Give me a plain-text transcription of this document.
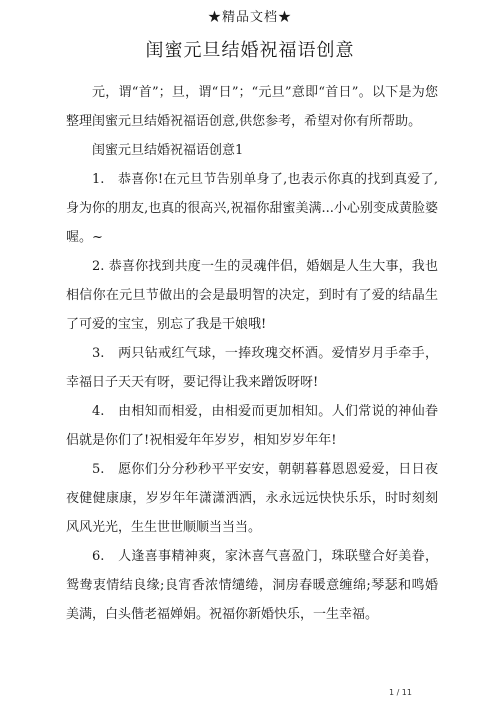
★精品文档★
闺蜜元旦结婚祝福语创意

元，谓“首”；旦，谓“日”；“元旦”意即“首日”。以下是为您整理闺蜜元旦结婚祝福语创意,供您参考，希望对你有所帮助。

闺蜜元旦结婚祝福语创意1

1.　恭喜你!在元旦节告别单身了,也表示你真的找到真爱了,身为你的朋友,也真的很高兴,祝福你甜蜜美满...小心别变成黄脸婆喔。~

2. 恭喜你找到共度一生的灵魂伴侣，婚姻是人生大事，我也相信你在元旦节做出的会是最明智的决定，到时有了爱的结晶生了可爱的宝宝，别忘了我是干娘哦!

3.　两只钻戒红气球，一捧玫瑰交杯酒。爱情岁月手牵手，幸福日子天天有呀，要记得让我来蹭饭呀呀!

4.　由相知而相爱，由相爱而更加相知。人们常说的神仙眷侣就是你们了!祝相爱年年岁岁，相知岁岁年年!

5.　愿你们分分秒秒平平安安，朝朝暮暮恩恩爱爱，日日夜夜健健康康，岁岁年年潇潇洒洒，永永远远快快乐乐，时时刻刻风风光光，生生世世顺顺当当当。

6.　人逢喜事精神爽，家沐喜气喜盈门，珠联璧合好美眷，鸳鸯衷情结良缘;良宵香浓情缱绻，洞房春暖意缠绵;琴瑟和鸣婚美满，白头偕老福婵娟。祝福你新婚快乐，一生幸福。

1 / 11
